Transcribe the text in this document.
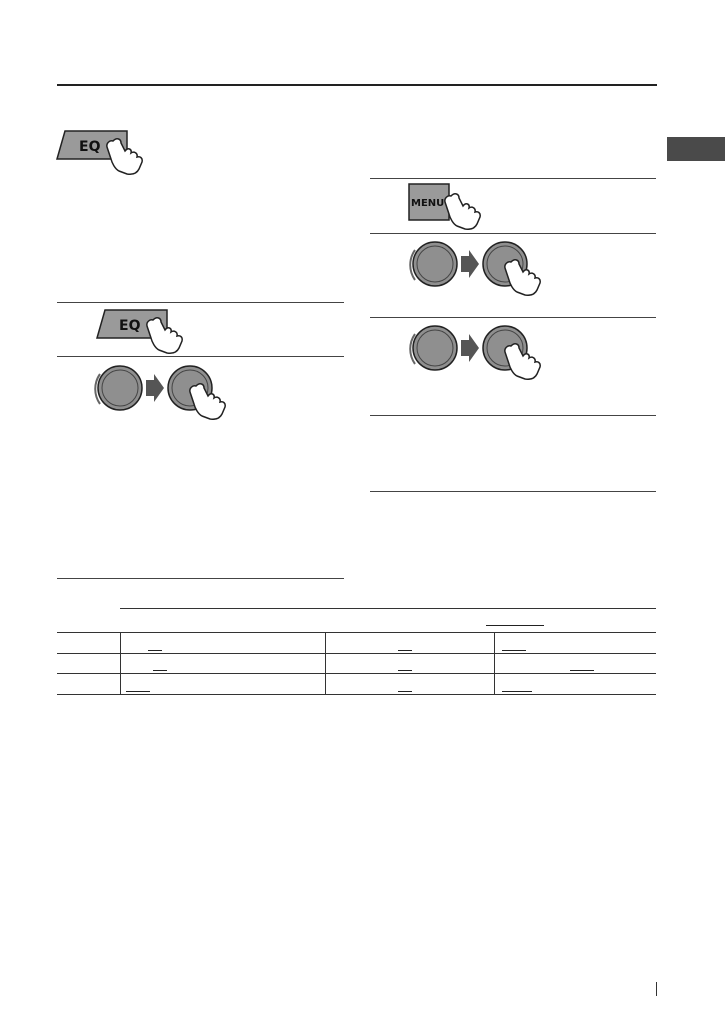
EQ
EQ
MENU
